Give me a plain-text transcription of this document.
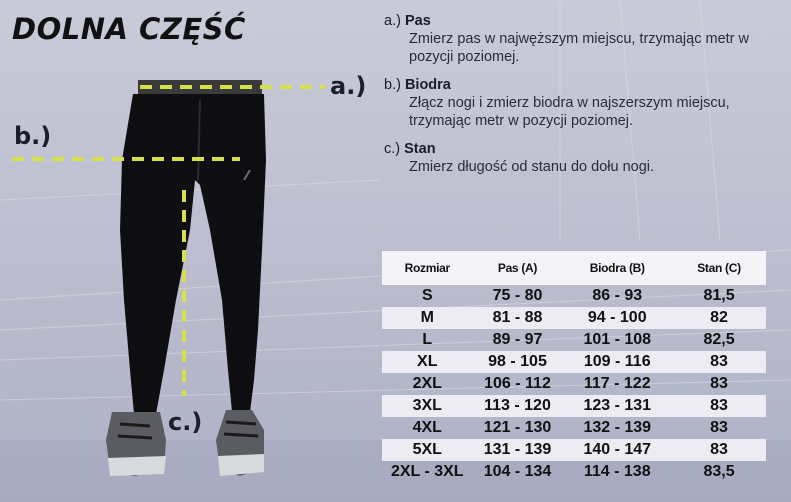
DOLNA CZĘŚĆ
a.)
b.)
c.)
a.) Pas
Zmierz pas w najwęższym miejscu, trzymając metr w pozycji poziomej.
b.) Biodra
Złącz nogi i zmierz biodra w najszerszym miejscu, trzymając metr w pozycji poziomej.
c.) Stan
Zmierz długość od stanu do dołu nogi.
Rozmiar	Pas (A)	Biodra (B)	Stan (C)
S	75 - 80	86 - 93	81,5
M	81 - 88	94 - 100	82
L	89 - 97	101 - 108	82,5
XL	98 - 105	109 - 116	83
2XL	106 - 112	117 - 122	83
3XL	113 - 120	123 - 131	83
4XL	121 - 130	132 - 139	83
5XL	131 - 139	140 - 147	83
2XL - 3XL	104 - 134	114 - 138	83,5
